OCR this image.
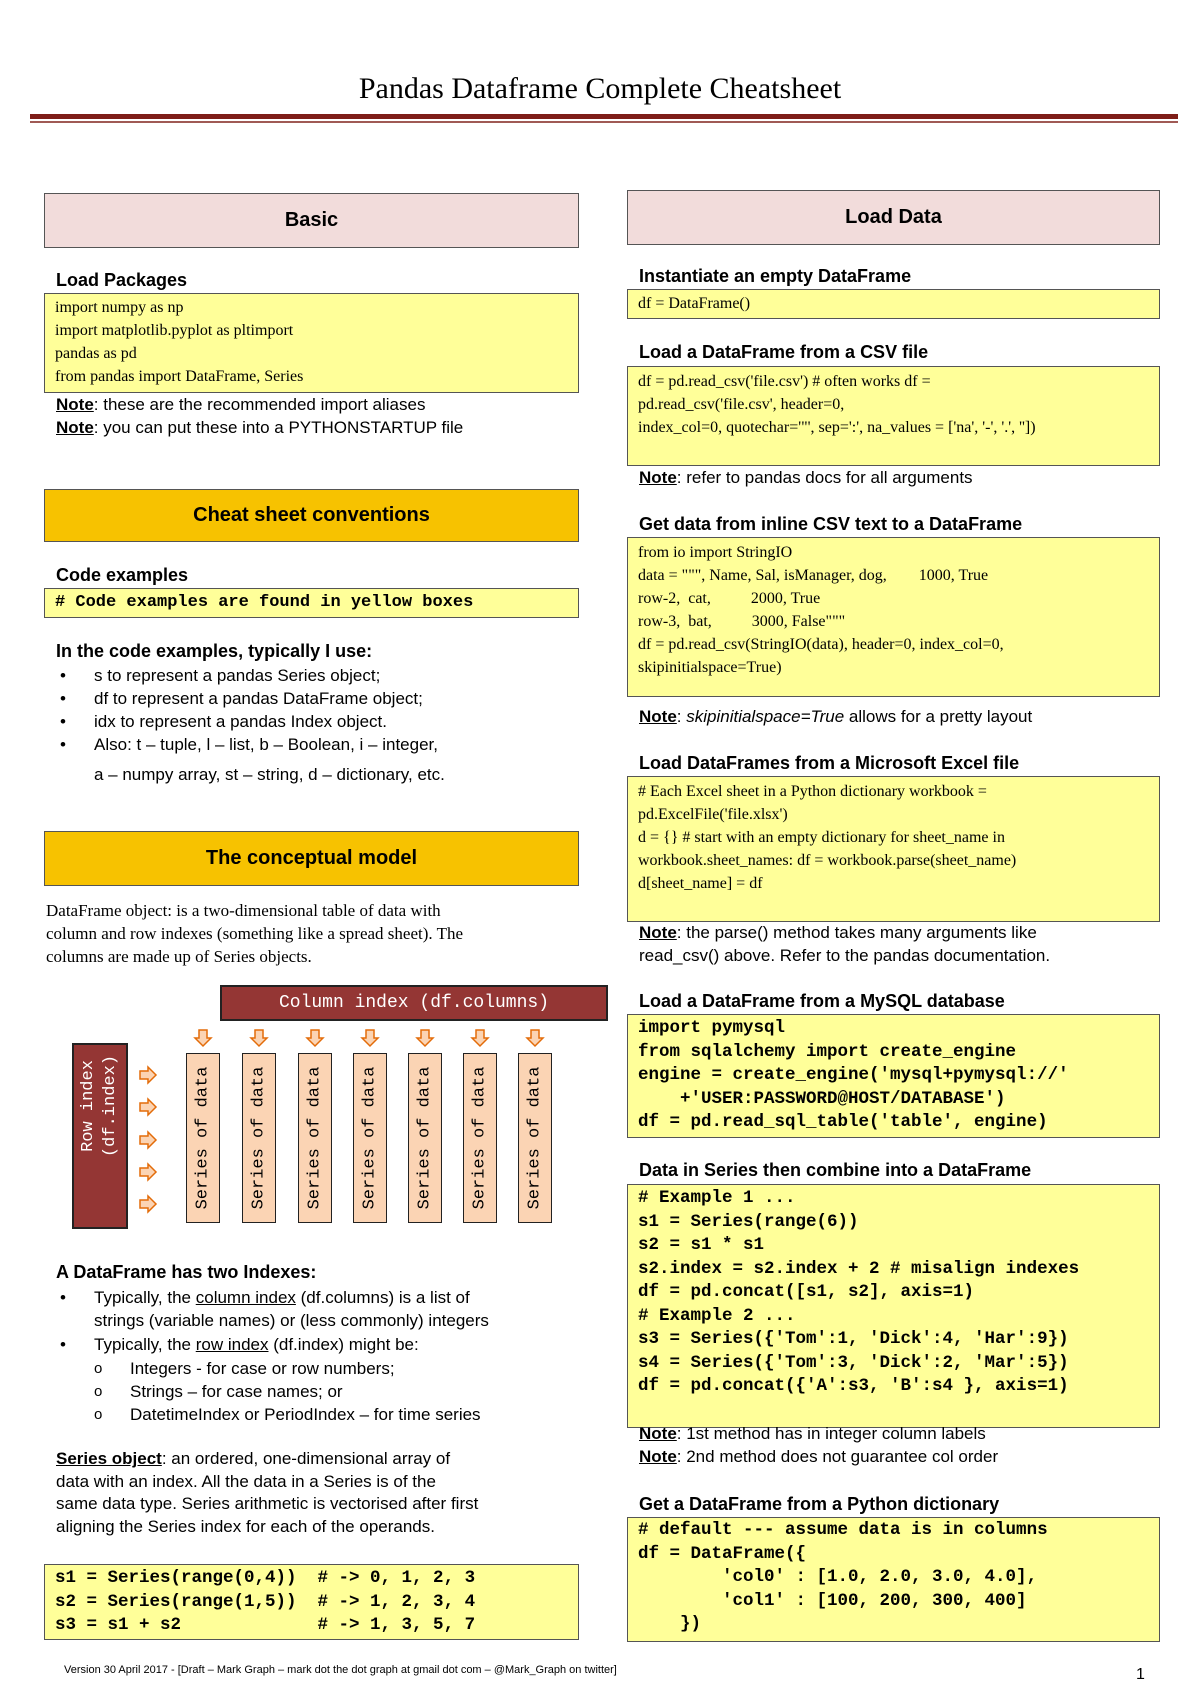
Pandas Dataframe Complete Cheatsheet
Basic
Load Packages
import numpy as np
import matplotlib.pyplot as pltimport
pandas as pd
from pandas import DataFrame, Series
Note: these are the recommended import aliases
Note: you can put these into a PYTHONSTARTUP file
Cheat sheet conventions
Code examples
# Code examples are found in yellow boxes
In the code examples, typically I use:
• s to represent a pandas Series object;
• df to represent a pandas DataFrame object;
• idx to represent a pandas Index object.
• Also: t – tuple, l – list, b – Boolean, i – integer,
a – numpy array, st – string, d – dictionary, etc.
The conceptual model
DataFrame object: is a two-dimensional table of data with
column and row indexes (something like a spread sheet). The
columns are made up of Series objects.
Column index (df.columns)
Row index (df.index)	Series of data Series of data Series of data Series of data Series of data Series of data Series of data
A DataFrame has two Indexes:
• Typically, the column index (df.columns) is a list of
strings (variable names) or (less commonly) integers
• Typically, the row index (df.index) might be:
o Integers - for case or row numbers;
o Strings – for case names; or
o DatetimeIndex or PeriodIndex – for time series
Series object: an ordered, one-dimensional array of
data with an index. All the data in a Series is of the
same data type. Series arithmetic is vectorised after first
aligning the Series index for each of the operands.
s1 = Series(range(0,4))  # -> 0, 1, 2, 3
s2 = Series(range(1,5))  # -> 1, 2, 3, 4
s3 = s1 + s2             # -> 1, 3, 5, 7
Load Data
Instantiate an empty DataFrame
df = DataFrame()
Load a DataFrame from a CSV file
df = pd.read_csv('file.csv') # often works df =
pd.read_csv('file.csv', header=0,
index_col=0, quotechar='"', sep=':', na_values = ['na', '-', '.', ''])
Note: refer to pandas docs for all arguments
Get data from inline CSV text to a DataFrame
from io import StringIO
data = """, Name, Sal, isManager, dog,        1000, True
row-2,  cat,          2000, True
row-3,  bat,          3000, False"""
df = pd.read_csv(StringIO(data), header=0, index_col=0,
skipinitialspace=True)
Note: skipinitialspace=True allows for a pretty layout
Load DataFrames from a Microsoft Excel file
# Each Excel sheet in a Python dictionary workbook =
pd.ExcelFile('file.xlsx')
d = {} # start with an empty dictionary for sheet_name in
workbook.sheet_names: df = workbook.parse(sheet_name)
d[sheet_name] = df
Note: the parse() method takes many arguments like
read_csv() above. Refer to the pandas documentation.
Load a DataFrame from a MySQL database
import pymysql
from sqlalchemy import create_engine
engine = create_engine('mysql+pymysql://'
+'USER:PASSWORD@HOST/DATABASE')
df = pd.read_sql_table('table', engine)
Data in Series then combine into a DataFrame
# Example 1 ...
s1 = Series(range(6))
s2 = s1 * s1
s2.index = s2.index + 2 # misalign indexes
df = pd.concat([s1, s2], axis=1)
# Example 2 ...
s3 = Series({'Tom':1, 'Dick':4, 'Har':9})
s4 = Series({'Tom':3, 'Dick':2, 'Mar':5})
df = pd.concat({'A':s3, 'B':s4 }, axis=1)
Note: 1st method has in integer column labels
Note: 2nd method does not guarantee col order
Get a DataFrame from a Python dictionary
# default --- assume data is in columns
df = DataFrame({
'col0' : [1.0, 2.0, 3.0, 4.0],
'col1' : [100, 200, 300, 400]
})
Version 30 April 2017 - [Draft – Mark Graph – mark dot the dot graph at gmail dot com – @Mark_Graph on twitter]	1
